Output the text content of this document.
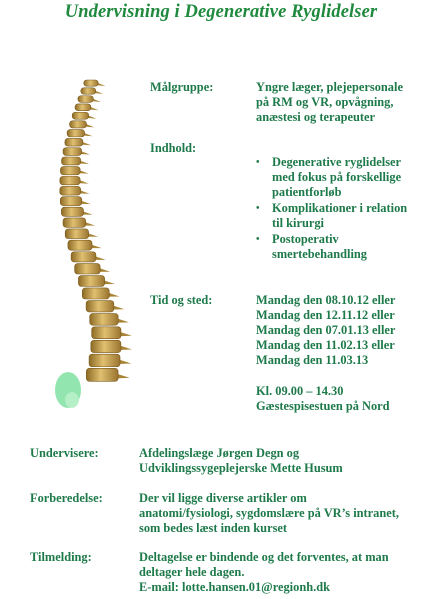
Undervisning i Degenerative Ryglidelser
Målgruppe:	Yngre læger, plejepersonale
på RM og VR, opvågning,
anæstesi og terapeuter
Indhold:
• Degenerative ryglidelser
med fokus på forskellige
patientforløb
• Komplikationer i relation
til kirurgi
• Postoperativ
smertebehandling
Tid og sted:	Mandag den 08.10.12 eller
Mandag den 12.11.12 eller
Mandag den 07.01.13 eller
Mandag den 11.02.13 eller
Mandag den 11.03.13
Kl. 09.00 – 14.30
Gæstespisestuen på Nord
Undervisere:	Afdelingslæge Jørgen Degn og
Udviklingssygeplejerske Mette Husum
Forberedelse:	Der vil ligge diverse artikler om
anatomi/fysiologi, sygdomslære på VR’s intranet,
som bedes læst inden kurset
Tilmelding:	Deltagelse er bindende og det forventes, at man
deltager hele dagen.
E-mail: lotte.hansen.01@regionh.dk
